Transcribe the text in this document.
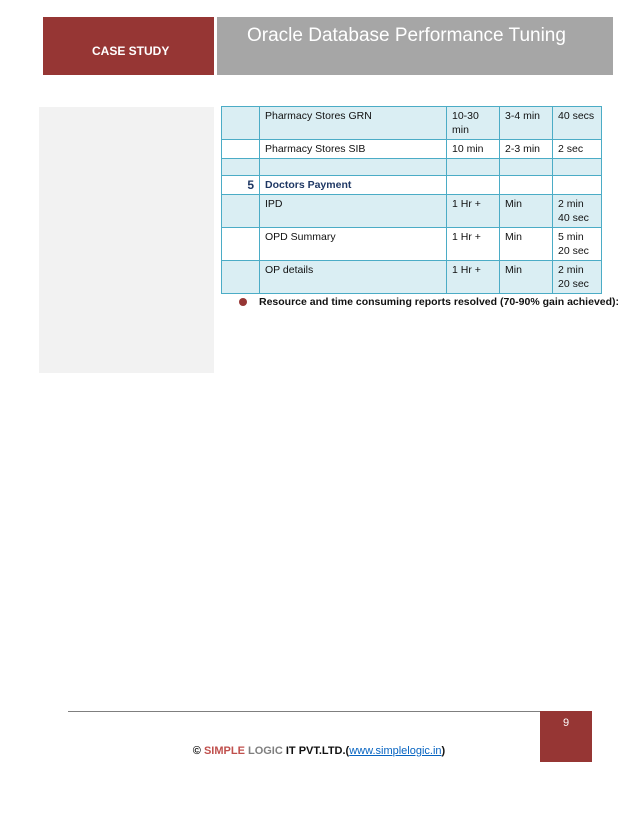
CASE STUDY
Oracle Database Performance Tuning
	Pharmacy Stores GRN	10-30 min	3-4 min	40 secs
	Pharmacy Stores SIB	10 min	2-3 min	2 sec

5	Doctors Payment			
	IPD	1 Hr +	Min	2 min 40 sec
	OPD Summary	1 Hr +	Min	5 min 20 sec
	OP details	1 Hr +	Min	2 min 20 sec
Resource and time consuming reports resolved (70-90% gain achieved):
9
© SIMPLE LOGIC IT PVT.LTD.(www.simplelogic.in)
